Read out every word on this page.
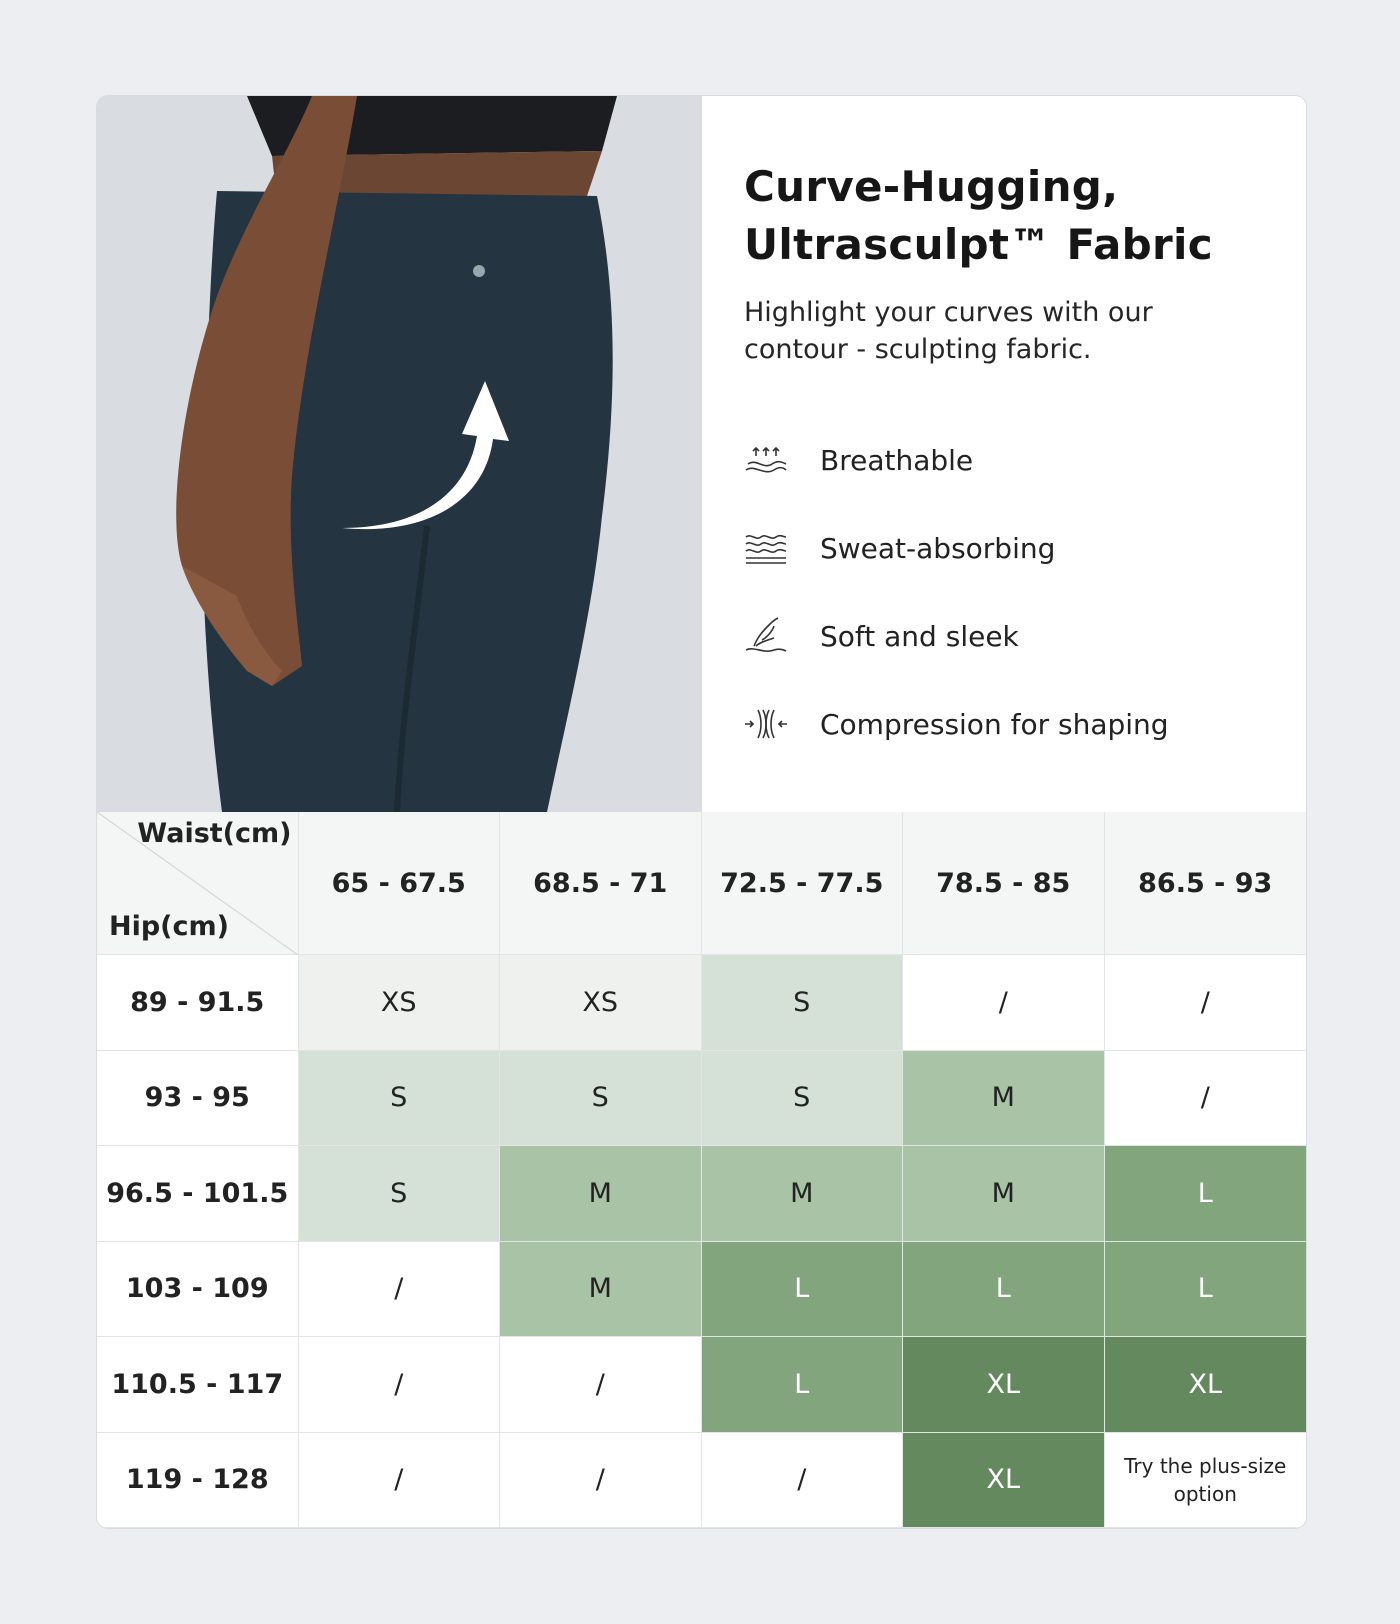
Curve-Hugging,
Ultrasculpt™ Fabric

Highlight your curves with our
contour - sculpting fabric.

Breathable
Sweat-absorbing
Soft and sleek
Compression for shaping
Waist(cm)
Hip(cm)
65 - 67.5	68.5 - 71	72.5 - 77.5	78.5 - 85	86.5 - 93
89 - 91.5	XS	XS	S	/	/
93 - 95	S	S	S	M	/
96.5 - 101.5	S	M	M	M	L
103 - 109	/	M	L	L	L
110.5 - 117	/	/	L	XL	XL
119 - 128	/	/	/	XL	Try the plus-size option
